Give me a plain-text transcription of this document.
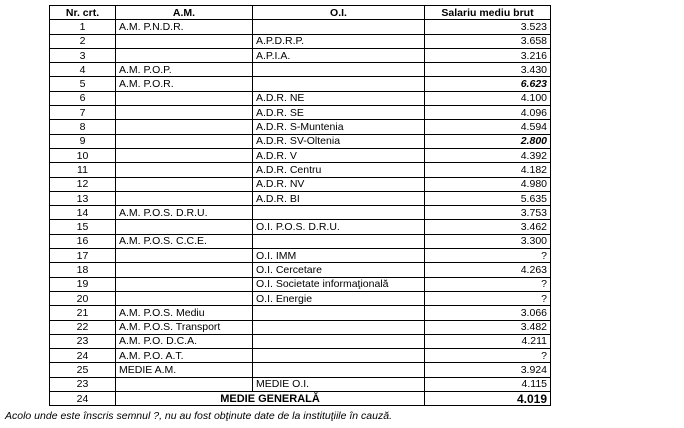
Nr. crt.	A.M.	O.I.	Salariu mediu brut
1	A.M. P.N.D.R.		3.523
2		A.P.D.R.P.	3.658
3		A.P.I.A.	3.216
4	A.M. P.O.P.		3.430
5	A.M. P.O.R.		6.623
6		A.D.R. NE	4.100
7		A.D.R. SE	4.096
8		A.D.R. S-Muntenia	4.594
9		A.D.R. SV-Oltenia	2.800
10		A.D.R. V	4.392
11		A.D.R. Centru	4.182
12		A.D.R. NV	4.980
13		A.D.R. BI	5.635
14	A.M. P.O.S. D.R.U.		3.753
15		O.I. P.O.S. D.R.U.	3.462
16	A.M. P.O.S. C.C.E.		3.300
17		O.I. IMM	?
18		O.I. Cercetare	4.263
19		O.I. Societate informaţională	?
20		O.I. Energie	?
21	A.M. P.O.S. Mediu		3.066
22	A.M. P.O.S. Transport		3.482
23	A.M. P.O. D.C.A.		4.211
24	A.M. P.O. A.T.		?
25	MEDIE A.M.		3.924
23		MEDIE O.I.	4.115
24	MEDIE GENERALĂ		4.019
Acolo unde este înscris semnul ?, nu au fost obţinute date de la instituţiile în cauză.
